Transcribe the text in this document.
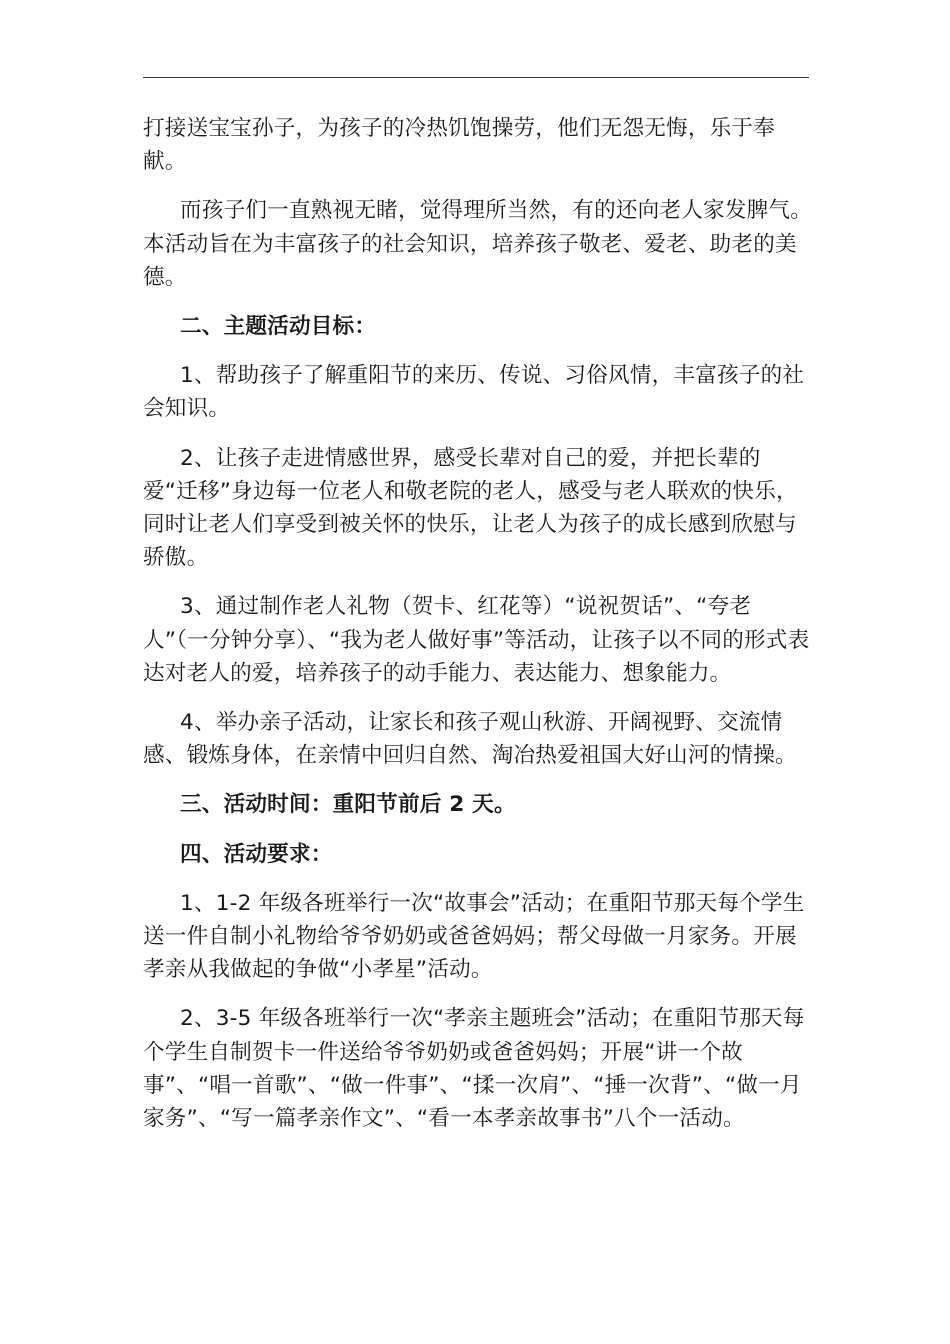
打接送宝宝孙子，为孩子的冷热饥饱操劳，他们无怨无悔，乐于奉献。

而孩子们一直熟视无睹，觉得理所当然，有的还向老人家发脾气。本活动旨在为丰富孩子的社会知识，培养孩子敬老、爱老、助老的美德。

二、主题活动目标：

1、帮助孩子了解重阳节的来历、传说、习俗风情，丰富孩子的社会知识。

2、让孩子走进情感世界，感受长辈对自己的爱，并把长辈的爱“迁移”身边每一位老人和敬老院的老人，感受与老人联欢的快乐，同时让老人们享受到被关怀的快乐，让老人为孩子的成长感到欣慰与骄傲。

3、通过制作老人礼物（贺卡、红花等）“说祝贺话”、“夸老人”（一分钟分享）、“我为老人做好事”等活动，让孩子以不同的形式表达对老人的爱，培养孩子的动手能力、表达能力、想象能力。

4、举办亲子活动，让家长和孩子观山秋游、开阔视野、交流情感、锻炼身体，在亲情中回归自然、淘冶热爱祖国大好山河的情操。

三、活动时间：重阳节前后 2 天。

四、活动要求：

1、1-2 年级各班举行一次“故事会”活动；在重阳节那天每个学生送一件自制小礼物给爷爷奶奶或爸爸妈妈；帮父母做一月家务。开展孝亲从我做起的争做“小孝星”活动。

2、3-5 年级各班举行一次“孝亲主题班会”活动；在重阳节那天每个学生自制贺卡一件送给爷爷奶奶或爸爸妈妈；开展“讲一个故事”、“唱一首歌”、“做一件事”、“揉一次肩”、“捶一次背”、“做一月家务”、“写一篇孝亲作文”、“看一本孝亲故事书”八个一活动。
